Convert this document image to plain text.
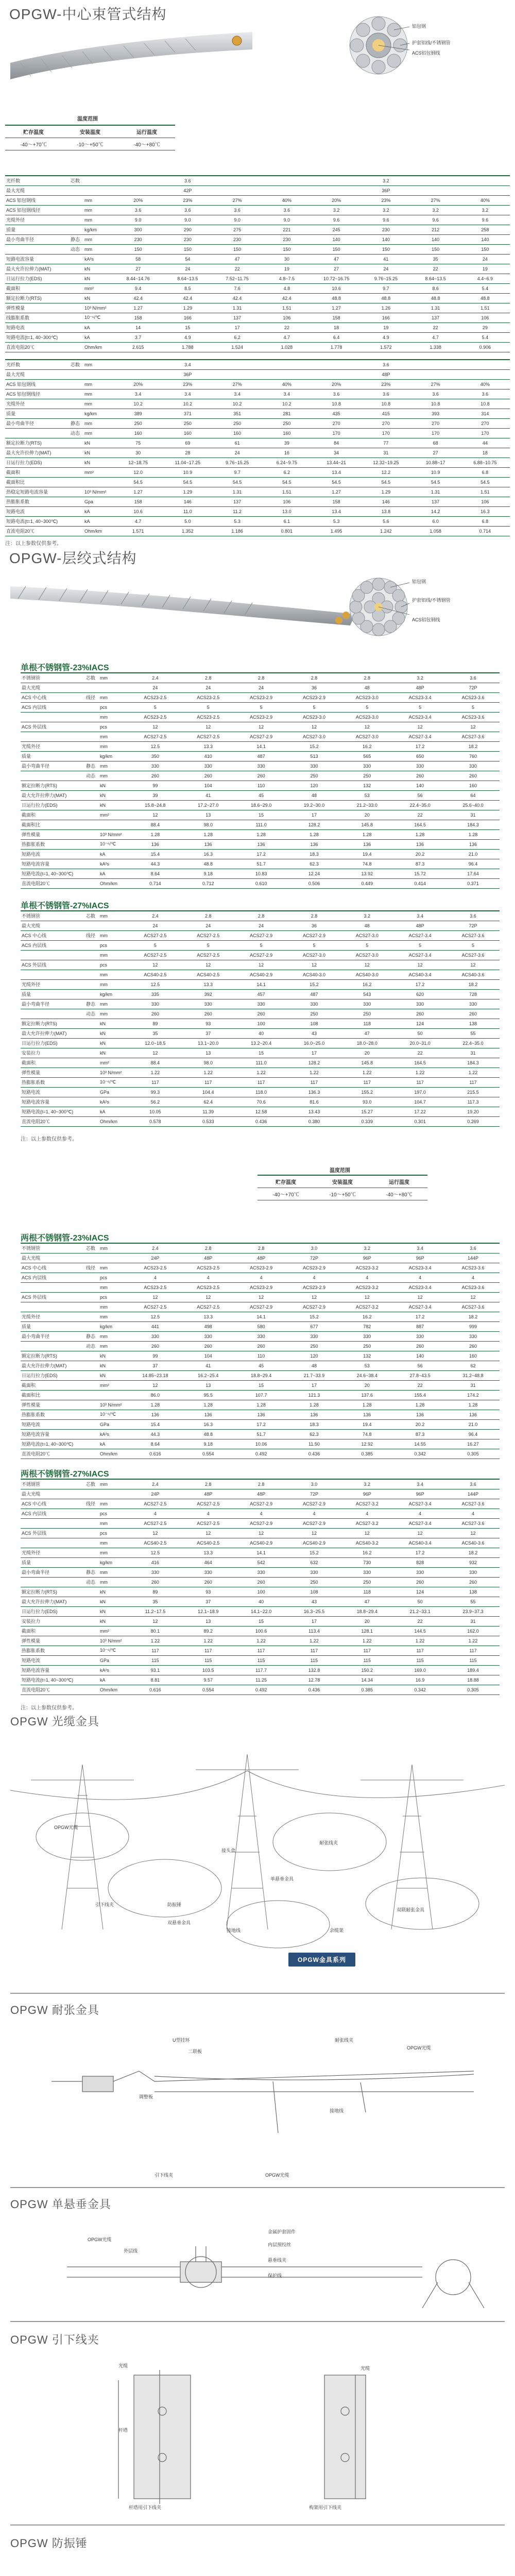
OPGW-中心束管式结构
铝包钢
护套铝线/不锈钢管
ACS铝包钢线
温度范围
贮存温度	安装温度	运行温度
-40～+70℃	-10～+50℃	-40～+80℃
光纤数	芯数			3.6				3.2		
最大光缆				42P				36P		
ACS 铝包钢线		mm	20%	23%	27%	40%	20%	23%	27%	40%
ACS 铝包钢线径		mm	3.6	3.6	3.6	3.6	3.2	3.2	3.2	3.2
光缆外径		mm	9.0	9.0	9.0	9.0	9.6	9.6	9.6	9.6
质量		kg/km	300	290	275	221	245	230	212	258
最小弯曲半径	静态	mm	230	230	230	230	140	140	140	140
	动态	mm	150	150	150	150	150	150	150	150
短路电流容量		kA²s	58	54	47	30	47	41	35	24
最大允许拉伸力(MAT)		kN	27	24	22	19	27	24	22	19
日运行拉力(EDS)		kN	8.44~14.76	8.64~13.5	7.52~11.75	4.8~7.5	10.72~16.75	9.76~15.25	8.64~13.5	4.4~6.9
截面积		mm²	9.4	8.5	7.6	4.8	10.6	9.7	8.6	5.4
额定拉断力(RTS)		kN	42.4	42.4	42.4	42.4	48.8	48.8	48.8	48.8
弹性模量		10³ N/mm²	1.27	1.29	1.31	1.51	1.27	1.26	1.31	1.51
线膨胀系数		10⁻⁶/℃	158	166	137	106	158	166	137	106
短路电流		kA	14	15	17	22	18	19	22	29
短路电流(t=1, 40~300℃)		kA	3.7	4.9	6.2	4.7	6.4	4.9	4.7	5.4
直流电阻20℃		Ohm/km	2.615	1.788	1.524	1.028	1.778	1.572	1.338	0.906
光纤数	芯数	mm		3.4				3.6		
最大光缆				36P				48P		
ACS 铝包钢线		mm	20%	23%	27%	40%	20%	23%	27%	40%
ACS 铝包钢线径		mm	3.4	3.4	3.4	3.4	3.6	3.6	3.6	3.6
光缆外径		mm	10.2	10.2	10.2	10.2	10.8	10.8	10.8	10.8
质量		kg/km	389	371	351	281	435	415	393	314
最小弯曲半径	静态	mm	250	250	250	250	270	270	270	270
	动态	mm	160	160	160	160	170	170	170	170
额定拉断力(RTS)		kN	75	69	61	39	84	77	68	44
最大允许拉伸力(MAT)		kN	30	28	24	16	34	31	27	18
日运行拉力(EDS)		kN	12~18.75	11.04~17.25	9.76~15.25	6.24~9.75	13.44~21	12.32~19.25	10.88~17	6.88~10.75
截面积		mm²	12.0	10.9	9.7	6.2	13.4	12.2	10.9	6.8
截面积比			54.5	54.5	54.5	54.5	54.5	54.5	54.5	54.5
热稳定短路电流容量		10³ N/mm²	1.27	1.29	1.31	1.51	1.27	1.29	1.31	1.51
热膨胀系数		Gpa	158	146	137	106	158	146	137	106
短路电流		kA	10.6	11.0	11.2	13.0	13.4	13.8	14.2	16.3
短路电流(t=1, 40~300℃)		kA	4.7	5.0	5.3	6.1	5.3	5.6	6.0	6.8
直流电阻20℃		Ohm/km	1.571	1.352	1.186	0.801	1.495	1.242	1.058	0.714
注：以上参数仅供参考。
OPGW-层绞式结构
铝包钢
护套铝线/不锈钢管
ACS铝包钢线
单根不锈钢管-23%IACS
不锈钢管	芯数	mm	2.4	2.8	2.8	2.8	2.8	3.2	3.6
最大光缆			24	24	24	36	48	48P	72P
ACS 中心线	线径	mm	ACS23-2.5	ACS23-2.5	ACS23-2.9	ACS23-2.9	ACS23-3.0	ACS23-3.4	ACS23-3.6
ACS 内层线		pcs	5	5	5	5	5	5	5
		mm	ACS23-2.5	ACS23-2.5	ACS23-2.9	ACS23-3.0	ACS23-3.0	ACS23-3.4	ACS23-3.6
ACS 外层线		pcs	12	12	12	12	12	12	12
		mm	ACS27-2.5	ACS27-2.5	ACS27-2.9	ACS27-3.0	ACS27-3.0	ACS27-3.4	ACS27-3.6
光缆外径		mm	12.5	13.3	14.1	15.2	16.2	17.2	18.2
质量		kg/km	350	410	487	513	565	650	760
最小弯曲半径	静态	mm	330	330	330	330	330	330	330
	动态	mm	260	260	260	250	250	260	260
额定拉断力(RTS)		kN	99	104	110	120	132	140	160
最大允许拉伸力(MAT)		kN	39	41	45	48	53	56	64
日运行拉力(EDS)		kN	15.8~24.8	17.2~27.0	18.6~29.0	19.2~30.0	21.2~33.0	22.4~35.0	25.6~40.0
截面积		mm²	12	13	15	17	20	22	31
截面积比			88.4	98.0	111.0	128.2	145.8	164.5	184.3
弹性模量		10³ N/mm²	1.28	1.28	1.28	1.28	1.28	1.28	1.28
热膨胀系数		10⁻⁶/℃	136	136	136	136	136	136	136
短路电流		kA	15.4	16.3	17.2	18.3	19.4	20.2	21.0
短路电流容量		kA²s	44.3	48.8	51.7	62.3	74.8	87.3	96.4
短路电流(t=1, 40~300℃)		kA	8.64	9.18	10.83	12.24	13.92	15.72	17.64
直流电阻20℃		Ohm/km	0.714	0.712	0.610	0.506	0.449	0.414	0.371
单根不锈钢管-27%IACS
不锈钢管	芯数	mm	2.4	2.8	2.8	2.8	3.2	3.4	3.6
最大光缆			24	24	24	36	48	48P	72P
ACS 中心线	线径	mm	ACS27-2.5	ACS27-2.5	ACS27-2.9	ACS27-2.9	ACS27-3.0	ACS27-3.4	ACS27-3.6
ACS 内层线		pcs	5	5	5	5	5	5	5
		mm	ACS27-2.5	ACS27-2.5	ACS27-2.9	ACS27-3.0	ACS27-3.0	ACS27-3.4	ACS27-3.6
ACS 外层线		pcs	12	12	12	12	12	12	12
		mm	ACS40-2.5	ACS40-2.5	ACS40-2.9	ACS40-3.0	ACS40-3.0	ACS40-3.4	ACS40-3.6
光缆外径		mm	12.5	13.3	14.1	15.2	16.2	17.2	18.2
质量		kg/km	335	392	457	487	543	620	728
最小弯曲半径	静态	mm	330	330	330	330	330	330	330
	动态	mm	260	260	260	250	250	260	260
额定拉断力(RTS)		kN	89	93	100	108	118	124	138
最大允许拉伸力(MAT)		kN	35	37	40	43	47	50	55
日运行拉力(EDS)		kN	12.0~18.5	13.1~20.0	13.2~20.4	16.0~25.0	18.0~28.0	20.0~31.0	22.4~35.0
安装拉力		kN	12	13	15	17	20	22	31
截面积		mm²	88.4	98.0	111.0	128.2	145.8	164.5	184.3
弹性模量		10³ N/mm²	1.22	1.22	1.22	1.22	1.22	1.22	1.22
热膨胀系数		10⁻⁶/℃	117	117	117	117	117	117	117
短路电流		GPa	99.3	104.4	118.0	136.3	155.2	197.0	215.5
短路电流容量		kA²s	56.2	62.4	70.6	81.6	93.0	104.7	117.3
短路电流(t=1, 40~300℃)		kA	10.05	11.39	12.58	13.43	15.27	17.22	19.20
直流电阻20℃		Ohm/km	0.578	0.533	0.436	0.380	0.339	0.301	0.269
注：以上参数仅供参考。
温度范围
贮存温度	安装温度	运行温度
-40～+70℃	-10～+50℃	-40～+80℃
两根不锈钢管-23%IACS
不锈钢管	芯数	mm	2.4	2.8	2.8	3.0	3.2	3.4	3.6
最大光缆			24P	48P	48P	72P	96P	96P	144P
ACS 中心线	线径	mm	ACS23-2.5	ACS23-2.5	ACS23-2.9	ACS23-2.9	ACS23-3.2	ACS23-3.4	ACS23-3.6
ACS 内层线		pcs	4	4	4	4	4	4	4
		mm	ACS23-2.5	ACS23-2.5	ACS23-2.9	ACS23-2.9	ACS23-3.2	ACS23-3.4	ACS23-3.6
ACS 外层线		pcs	12	12	12	12	12	12	12
		mm	ACS27-2.5	ACS27-2.5	ACS27-2.9	ACS27-2.9	ACS27-3.2	ACS27-3.4	ACS27-3.6
光缆外径		mm	12.5	13.3	14.1	15.2	16.2	17.2	18.2
质量		kg/km	441	498	580	677	782	887	999
最小弯曲半径	静态	mm	330	330	330	330	330	330	330
	动态	mm	260	260	260	250	250	260	260
额定拉断力(RTS)		kN	99	104	110	120	132	140	160
最大允许拉伸力(MAT)		kN	37	41	45	48	53	56	62
日运行拉力(EDS)		kN	14.85~23.18	16.2~25.4	18.8~29.4	21.7~33.9	24.6~38.4	27.8~43.5	31.2~48.8
截面积		mm²	12	13	15	17	20	22	31
截面积比			86.0	95.5	107.7	121.3	137.6	155.4	174.2
弹性模量		10³ N/mm²	1.28	1.28	1.28	1.28	1.28	1.28	1.28
热膨胀系数		10⁻⁶/℃	136	136	136	136	136	136	136
短路电流		GPa	15.4	16.3	17.2	18.3	19.4	20.2	21.0
短路电流容量		kA²s	44.3	48.8	51.7	62.3	74.8	87.3	96.4
短路电流(t=1, 40~300℃)		kA	8.64	9.18	10.06	11.50	12.92	14.55	16.27
直流电阻20℃		Ohm/km	0.616	0.554	0.492	0.436	0.385	0.342	0.305
两根不锈钢管-27%IACS
不锈钢管	芯数	mm	2.4	2.8	2.8	3.0	3.2	3.4	3.6
最大光缆			24P	48P	48P	72P	96P	96P	144P
ACS 中心线	线径	mm	ACS27-2.5	ACS27-2.5	ACS27-2.9	ACS27-2.9	ACS27-3.2	ACS27-3.4	ACS27-3.6
ACS 内层线		pcs	4	4	4	4	4	4	4
		mm	ACS27-2.5	ACS27-2.5	ACS27-2.9	ACS27-2.9	ACS27-3.2	ACS27-3.4	ACS27-3.6
ACS 外层线		pcs	12	12	12	12	12	12	12
		mm	ACS40-2.5	ACS40-2.5	ACS40-2.9	ACS40-2.9	ACS40-3.2	ACS40-3.4	ACS40-3.6
光缆外径		mm	12.5	13.3	14.1	15.2	16.2	17.2	18.2
质量		kg/km	416	464	542	632	730	828	932
最小弯曲半径	静态	mm	330	330	330	330	330	330	330
	动态	mm	260	260	260	250	250	260	260
额定拉断力(RTS)		kN	89	93	100	108	118	124	138
最大允许拉伸力(MAT)		kN	35	37	40	43	47	50	55
日运行拉力(EDS)		kN	11.2~17.5	12.1~18.9	14.1~22.0	16.3~25.5	18.8~29.4	21.2~33.1	23.9~37.3
安装拉力		kN	12	13	15	17	20	22	31
截面积		mm²	80.1	89.2	100.6	113.4	128.1	144.5	162.0
弹性模量		10³ N/mm²	1.22	1.22	1.22	1.22	1.22	1.22	1.22
热膨胀系数		10⁻⁶/℃	117	117	117	117	117	117	117
短路电流		GPa	115	115	115	115	115	115	115
短路电流容量		kA²s	93.1	103.5	117.7	132.8	150.2	169.0	189.4
短路电流(t=1, 40~300℃)		kA	8.81	9.57	11.25	12.78	14.34	16.9	18.88
直流电阻20℃		Ohm/km	0.616	0.554	0.492	0.436	0.385	0.342	0.305
注：以上参数仅供参考。
OPGW 光缆金具
OPGW光缆
接头盒
引下线夹	防振锤
耐张线夹
单悬垂金具
双悬垂金具
双联耐张金具
余缆架
接地线
OPGW金具系列
OPGW 耐张金具
U型挂环
二联板
耐张线夹
接地线
OPGW光缆
引下线夹
调整板
OPGW光缆
OPGW 单悬垂金具
OPGW光缆
外层线
金属护套固件
内层预绞丝
悬垂线夹
保护线
OPGW 引下线夹
光缆
杆塔
杆塔用引下线夹	构架用引下线夹
光缆
OPGW 防振锤
